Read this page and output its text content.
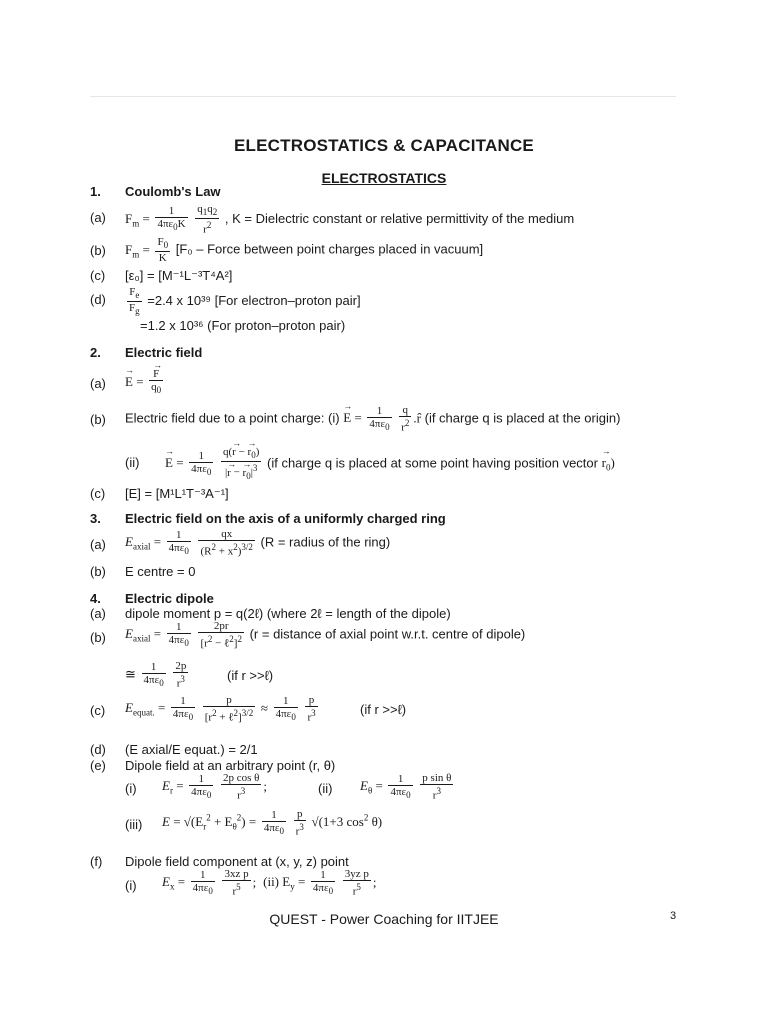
ELECTROSTATICS & CAPACITANCE
ELECTROSTATICS
1. Coulomb's Law
(a) $F_m = \frac{1}{4\pi\varepsilon_0K}$
$\frac{q_1q_2}{r^2}$ , K = Dielectric constant or relative permittivity of the medium
(b) $F_m = \frac{F_0}{K} [F_0$ – Force between point charges placed in vacuum]
(c) [ε₀] = [M⁻¹L⁻³T⁴A²]
$(d) \frac{F_e}{F_g} =2.4$ x 10³⁹ [For electron–proton pair]
=1.2 x 10³⁶ (For proton–proton pair)
2. Electric field
(a)
→ E =
→ $\frac{F}{q_0}$
(b) Electric field due to a point charge: $(i) \to E = \frac{1}{4\pi\varepsilon_0}$
$\frac{q}{r^2}$ .r̂ (if charge q is placed at the origin)
(ii)
→ $E = \frac{1}{4\pi\varepsilon_0}$
$\frac{q(\to r - \to r_0)}{|\to r - \to r_0|^3} (if$ charge q is placed at some point having position vector → $r_0$)
(c) [E] = [M¹L¹T⁻³A⁻¹]
3. Electric field on the axis of a uniformly charged ring
(a) $E_{axial} = \frac{1}{4\pi\varepsilon_0}$
$\frac{qx}{(R^2 + x^2)^{3/2}} (R$ = radius of the ring)
(b) E centre = 0
4. Electric dipole
(a) dipole moment p = q(2ℓ) (where 2ℓ = length of the dipole)
(b) $E_{axial} = \frac{1}{4\pi\varepsilon_0}$
$\frac{2pr}{[r^2 - \ell^2]^2} (r$ = distance of axial point w.r.t. centre of dipole)
≅ $\frac{1}{4\pi\varepsilon_0}$
$\frac{2p}{r^3}$	(if r >>ℓ)
(c) $E_{equat.} = \frac{1}{4\pi\varepsilon_0}$
$\frac{p}{[r^2 + \ell^2]^{3/2}} \approx \frac{1}{4\pi\varepsilon_0}$
$\frac{p}{r^3}$	(if r >>ℓ)
(d) (E axial/E equat.) = 2/1
(e) Dipole field at an arbitrary point (r, θ)
(i) $E_r = \frac{1}{4\pi\varepsilon_0}$
$\frac{\text{2p cos θ}}{r^3}$ ;	(ii) $E_\theta = \frac{1}{4\pi\varepsilon_0}$
$\frac{\text{p sin θ}}{r^3}$
(iii) $E = √(E_r^2 + E_\theta^2) = \frac{1}{4\pi\varepsilon_0}$
$\frac{p}{r^3} √(1+3$ $\cos^2 \theta$)
(f) Dipole field component at (x, y, z) point
(i) $E_x = \frac{1}{4\pi\varepsilon_0}$
$\frac{\text{3xz p}}{r^5}$ ;  (ii) $E_y = \frac{1}{4\pi\varepsilon_0}$
$\frac{\text{3yz p}}{r^5}$ ;
QUEST - Power Coaching for IITJEE	3
